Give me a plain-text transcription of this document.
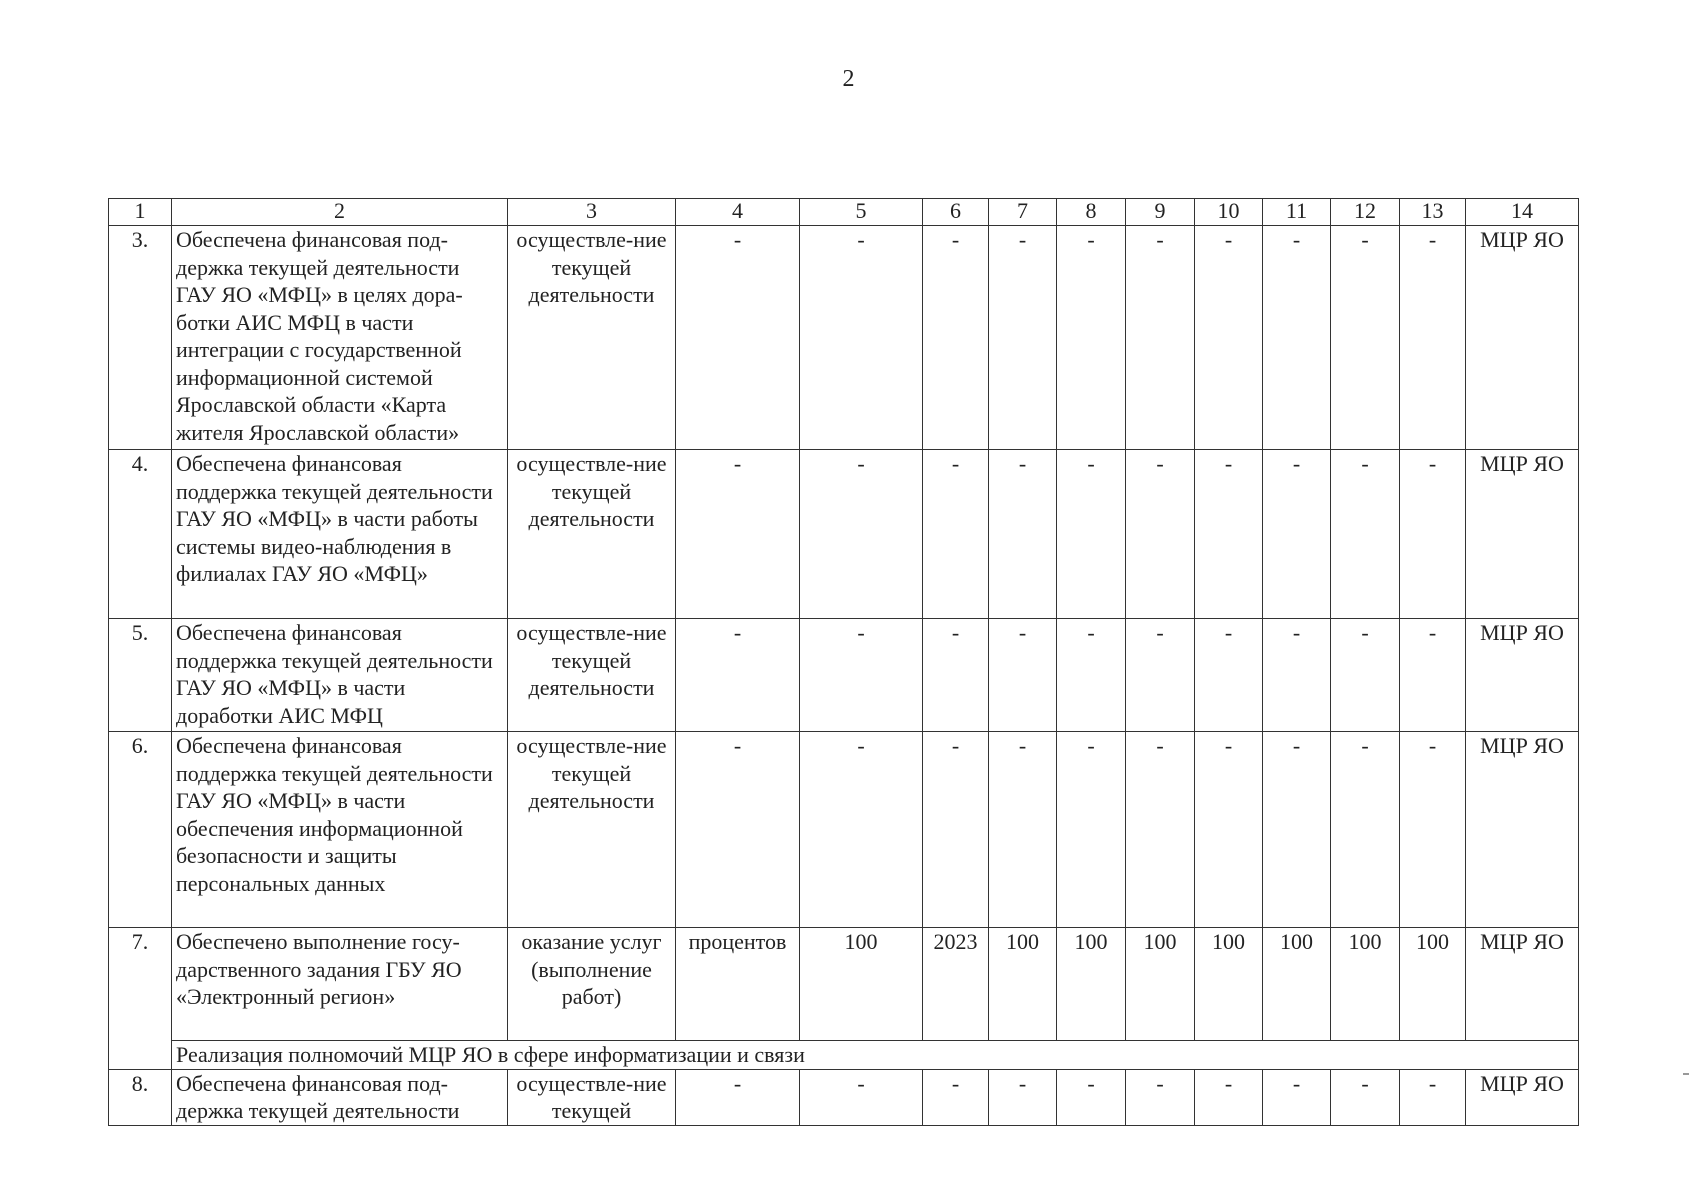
2
1	2	3	4	5	6	7	8	9	10	11	12	13	14
3.	Обеспечена финансовая под-держка текущей деятельности ГАУ ЯО «МФЦ» в целях дора-ботки АИС МФЦ в части интеграции с государственной информационной системой Ярославской области «Карта жителя Ярославской области»	осуществле-ние текущей деятельности	-	-	-	-	-	-	-	-	-	-	МЦР ЯО
4.	Обеспечена финансовая поддержка текущей деятельности ГАУ ЯО «МФЦ» в части работы системы видео-наблюдения в филиалах ГАУ ЯО «МФЦ»	осуществле-ние текущей деятельности	-	-	-	-	-	-	-	-	-	-	МЦР ЯО
5.	Обеспечена финансовая поддержка текущей деятельности ГАУ ЯО «МФЦ» в части доработки АИС МФЦ	осуществле-ние текущей деятельности	-	-	-	-	-	-	-	-	-	-	МЦР ЯО
6.	Обеспечена финансовая поддержка текущей деятельности ГАУ ЯО «МФЦ» в части обеспечения информационной безопасности и защиты персональных данных	осуществле-ние текущей деятельности	-	-	-	-	-	-	-	-	-	-	МЦР ЯО
7.	Обеспечено выполнение госу-дарственного задания ГБУ ЯО «Электронный регион»	оказание услуг (выполнение работ)	процентов	100	2023	100	100	100	100	100	100	100	МЦР ЯО
	Реализация полномочий МЦР ЯО в сфере информатизации и связи												
8.	Обеспечена финансовая под-держка текущей деятельности	осуществле-ние текущей	-	-	-	-	-	-	-	-	-	-	МЦР ЯО
